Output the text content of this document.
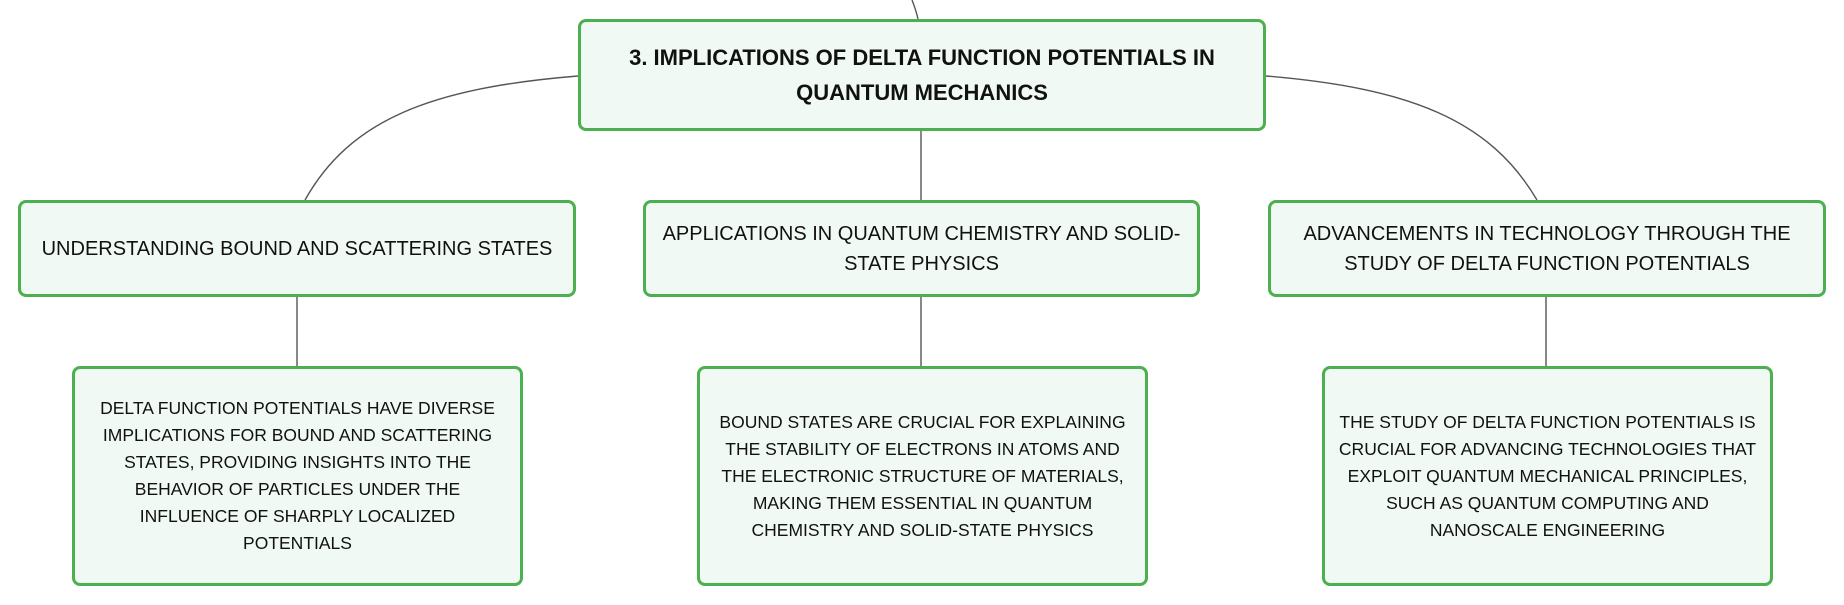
3. IMPLICATIONS OF DELTA FUNCTION POTENTIALS IN QUANTUM MECHANICS
UNDERSTANDING BOUND AND SCATTERING STATES
APPLICATIONS IN QUANTUM CHEMISTRY AND SOLID-STATE PHYSICS
ADVANCEMENTS IN TECHNOLOGY THROUGH THE STUDY OF DELTA FUNCTION POTENTIALS
DELTA FUNCTION POTENTIALS HAVE DIVERSE IMPLICATIONS FOR BOUND AND SCATTERING STATES, PROVIDING INSIGHTS INTO THE BEHAVIOR OF PARTICLES UNDER THE INFLUENCE OF SHARPLY LOCALIZED POTENTIALS
BOUND STATES ARE CRUCIAL FOR EXPLAINING THE STABILITY OF ELECTRONS IN ATOMS AND THE ELECTRONIC STRUCTURE OF MATERIALS, MAKING THEM ESSENTIAL IN QUANTUM CHEMISTRY AND SOLID-STATE PHYSICS
THE STUDY OF DELTA FUNCTION POTENTIALS IS CRUCIAL FOR ADVANCING TECHNOLOGIES THAT EXPLOIT QUANTUM MECHANICAL PRINCIPLES, SUCH AS QUANTUM COMPUTING AND NANOSCALE ENGINEERING
